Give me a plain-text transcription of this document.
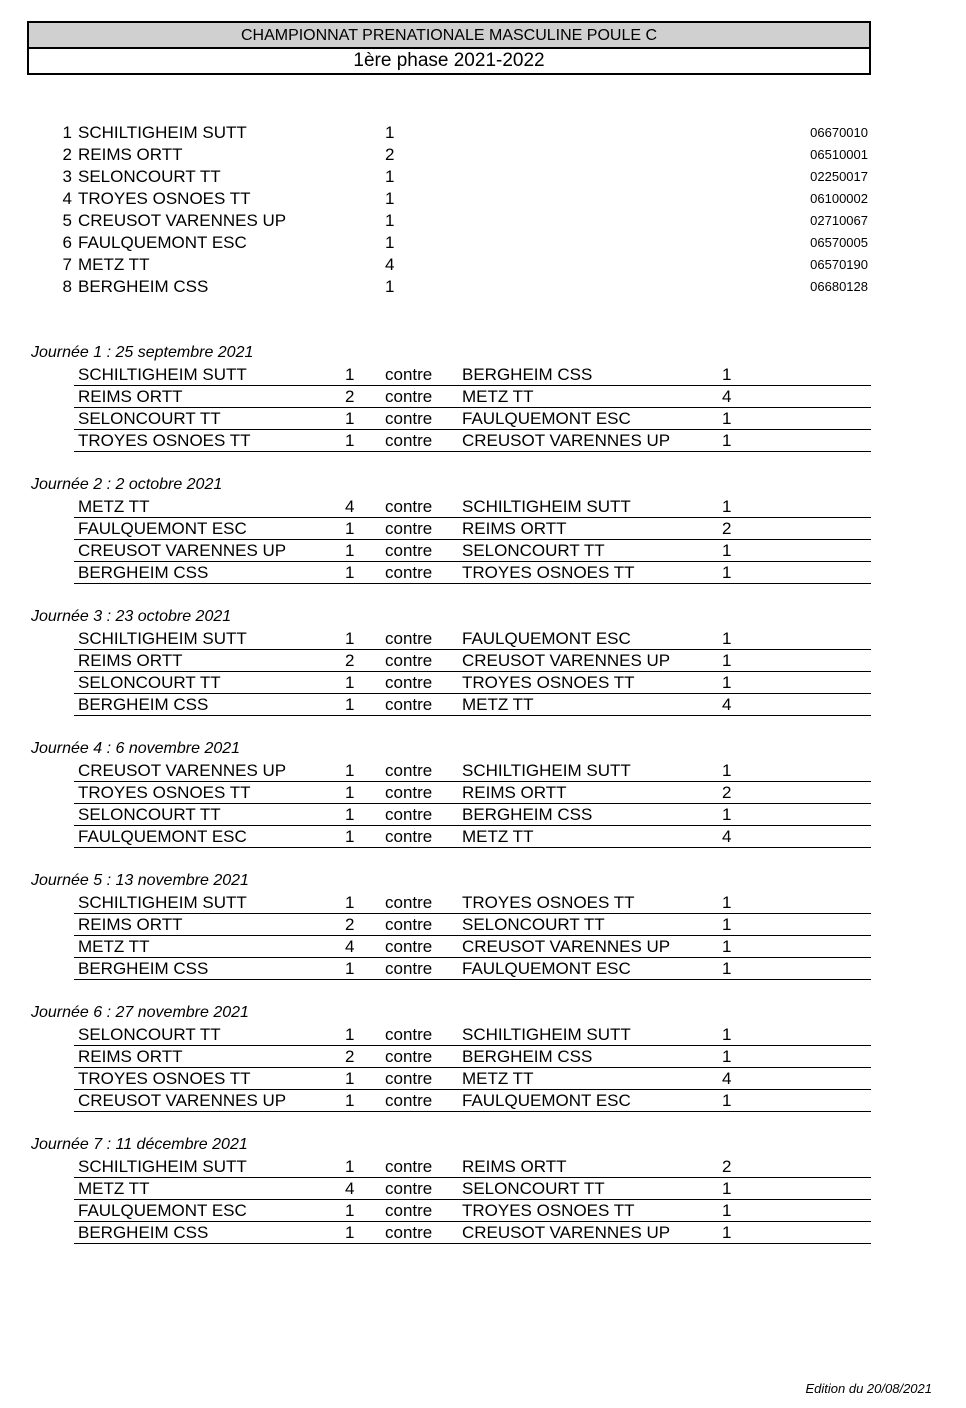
CHAMPIONNAT PRENATIONALE MASCULINE POULE C
1ère phase 2021-2022
1 SCHILTIGHEIM SUTT	1	06670010
2 REIMS ORTT	2	06510001
3 SELONCOURT TT	1	02250017
4 TROYES OSNOES TT	1	06100002
5 CREUSOT VARENNES UP	1	02710067
6 FAULQUEMONT ESC	1	06570005
7 METZ TT	4	06570190
8 BERGHEIM CSS	1	06680128
Journée 1 : 25 septembre 2021
SCHILTIGHEIM SUTT	1 contre BERGHEIM CSS	1
REIMS ORTT	2 contre METZ TT	4
SELONCOURT TT	1 contre FAULQUEMONT ESC	1
TROYES OSNOES TT	1 contre CREUSOT VARENNES UP	1
Journée 2 : 2 octobre 2021
METZ TT	4 contre SCHILTIGHEIM SUTT	1
FAULQUEMONT ESC	1 contre REIMS ORTT	2
CREUSOT VARENNES UP	1 contre SELONCOURT TT	1
BERGHEIM CSS	1 contre TROYES OSNOES TT	1
Journée 3 : 23 octobre 2021
SCHILTIGHEIM SUTT	1 contre FAULQUEMONT ESC	1
REIMS ORTT	2 contre CREUSOT VARENNES UP	1
SELONCOURT TT	1 contre TROYES OSNOES TT	1
BERGHEIM CSS	1 contre METZ TT	4
Journée 4 : 6 novembre 2021
CREUSOT VARENNES UP	1 contre SCHILTIGHEIM SUTT	1
TROYES OSNOES TT	1 contre REIMS ORTT	2
SELONCOURT TT	1 contre BERGHEIM CSS	1
FAULQUEMONT ESC	1 contre METZ TT	4
Journée 5 : 13 novembre 2021
SCHILTIGHEIM SUTT	1 contre TROYES OSNOES TT	1
REIMS ORTT	2 contre SELONCOURT TT	1
METZ TT	4 contre CREUSOT VARENNES UP	1
BERGHEIM CSS	1 contre FAULQUEMONT ESC	1
Journée 6 : 27 novembre 2021
SELONCOURT TT	1 contre SCHILTIGHEIM SUTT	1
REIMS ORTT	2 contre BERGHEIM CSS	1
TROYES OSNOES TT	1 contre METZ TT	4
CREUSOT VARENNES UP	1 contre FAULQUEMONT ESC	1
Journée 7 : 11 décembre 2021
SCHILTIGHEIM SUTT	1 contre REIMS ORTT	2
METZ TT	4 contre SELONCOURT TT	1
FAULQUEMONT ESC	1 contre TROYES OSNOES TT	1
BERGHEIM CSS	1 contre CREUSOT VARENNES UP	1
Edition du 20/08/2021
